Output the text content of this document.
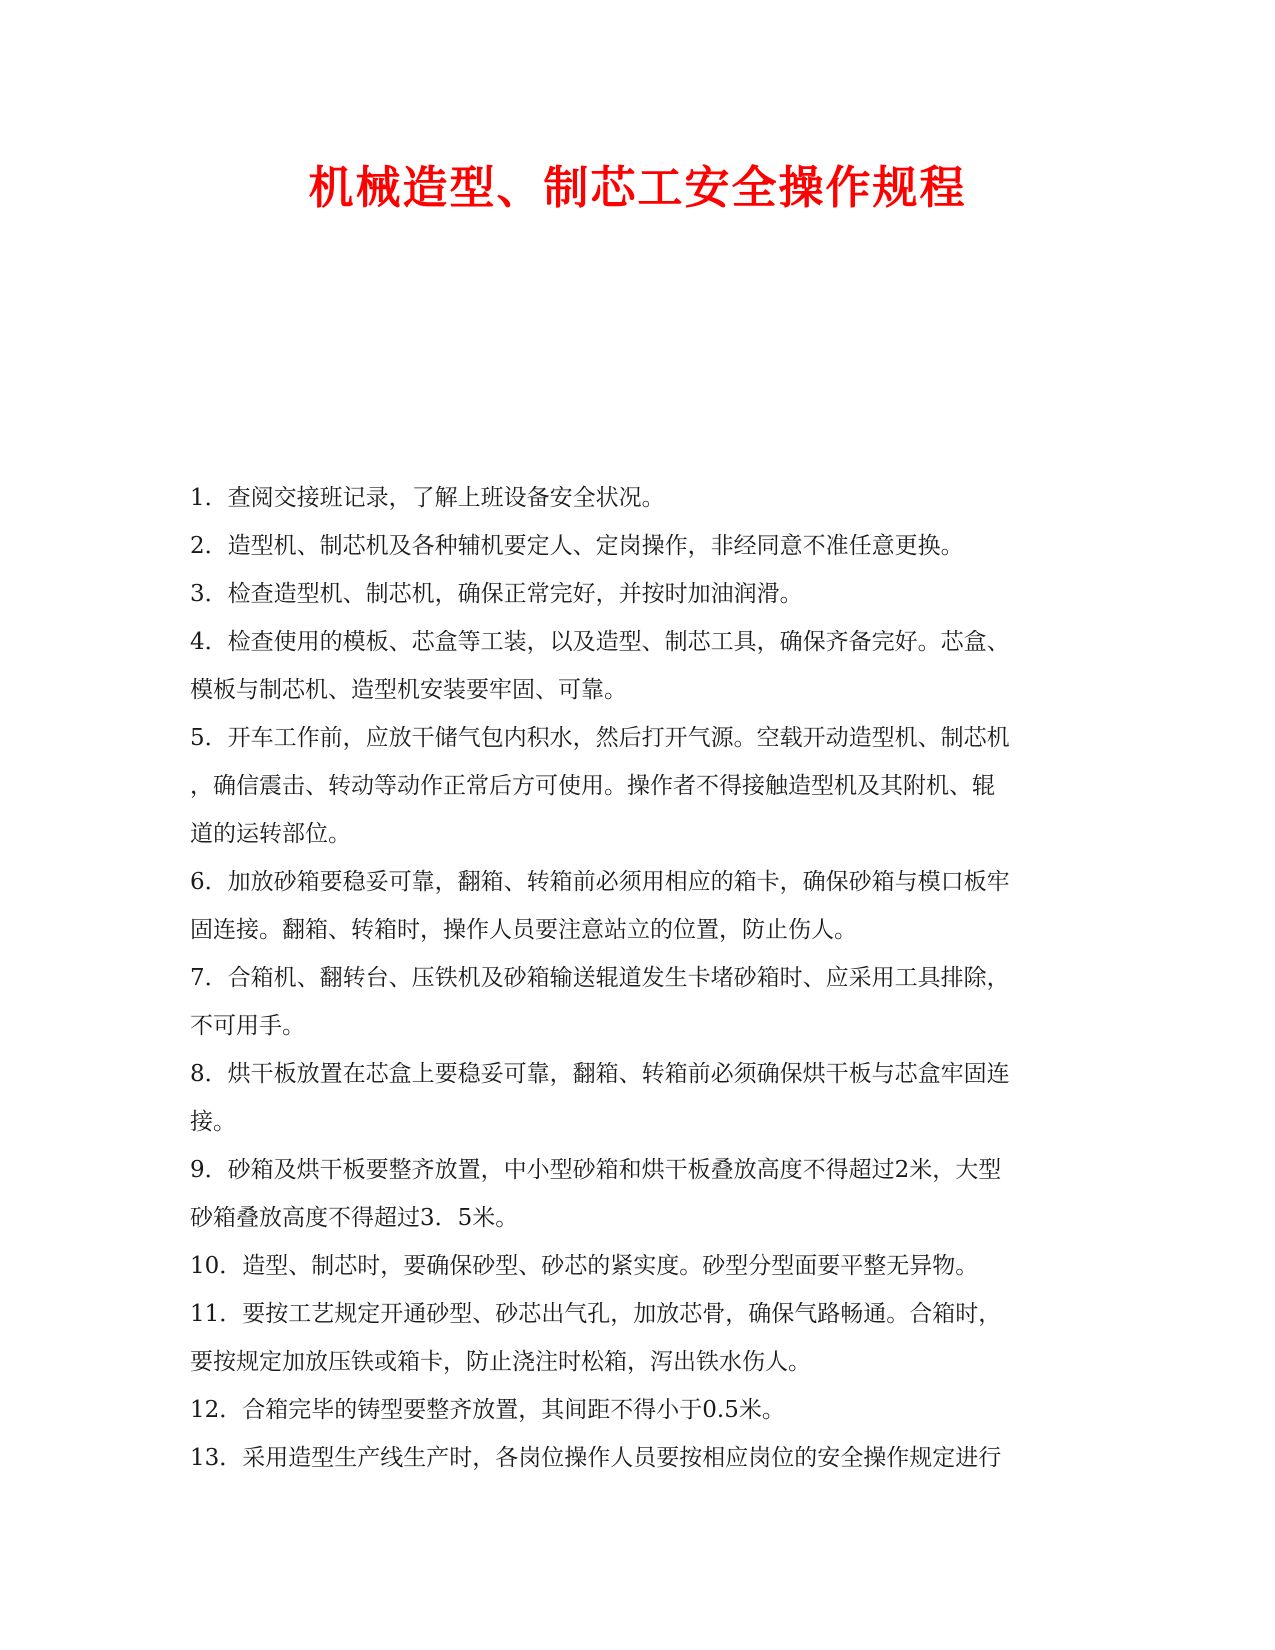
机械造型、制芯工安全操作规程
1．查阅交接班记录，了解上班设备安全状况。
2．造型机、制芯机及各种辅机要定人、定岗操作，非经同意不准任意更换。
3．检查造型机、制芯机，确保正常完好，并按时加油润滑。
4．检查使用的模板、芯盒等工装，以及造型、制芯工具，确保齐备完好。芯盒、
模板与制芯机、造型机安装要牢固、可靠。
5．开车工作前，应放干储气包内积水，然后打开气源。空载开动造型机、制芯机
，确信震击、转动等动作正常后方可使用。操作者不得接触造型机及其附机、辊
道的运转部位。
6．加放砂箱要稳妥可靠，翻箱、转箱前必须用相应的箱卡，确保砂箱与模口板牢
固连接。翻箱、转箱时，操作人员要注意站立的位置，防止伤人。
7．合箱机、翻转台、压铁机及砂箱输送辊道发生卡堵砂箱时、应采用工具排除，
不可用手。
8．烘干板放置在芯盒上要稳妥可靠，翻箱、转箱前必须确保烘干板与芯盒牢固连
接。
9．砂箱及烘干板要整齐放置，中小型砂箱和烘干板叠放高度不得超过2米，大型
砂箱叠放高度不得超过3．5米。
10．造型、制芯时，要确保砂型、砂芯的紧实度。砂型分型面要平整无异物。
11．要按工艺规定开通砂型、砂芯出气孔，加放芯骨，确保气路畅通。合箱时，
要按规定加放压铁或箱卡，防止浇注时松箱，泻出铁水伤人。
12．合箱完毕的铸型要整齐放置，其间距不得小于0.5米。
13．采用造型生产线生产时，各岗位操作人员要按相应岗位的安全操作规定进行
